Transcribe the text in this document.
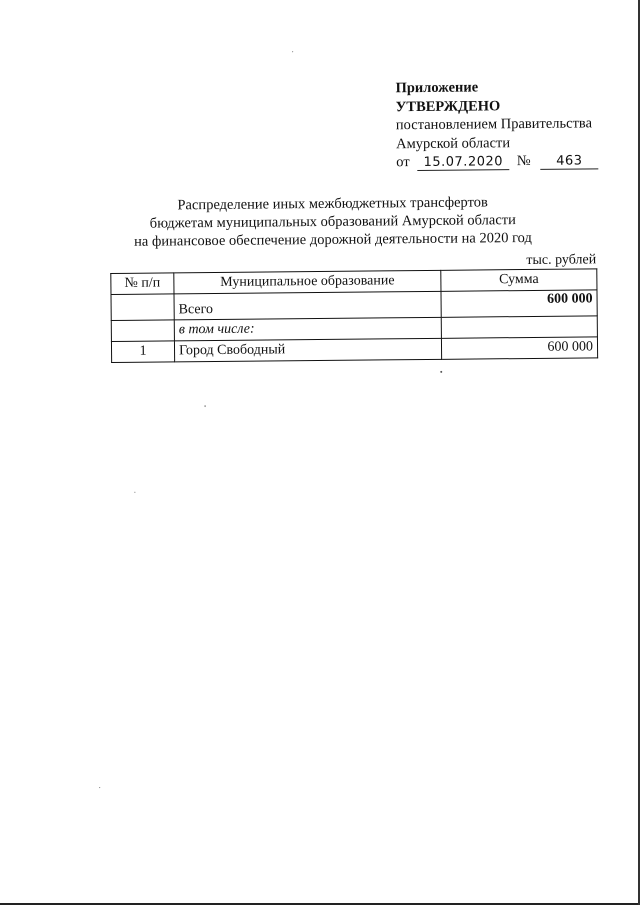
Приложение
УТВЕРЖДЕНО
постановлением Правительства
Амурской области
от 15.07.2020 № 463
Распределение иных межбюджетных трансфертов
бюджетам муниципальных образований Амурской области
на финансовое обеспечение дорожной деятельности на 2020 год
тыс. рублей
№ п/п	Муниципальное образование	Сумма
	Всего	600 000
	в том числе:	
1	Город Свободный	600 000
